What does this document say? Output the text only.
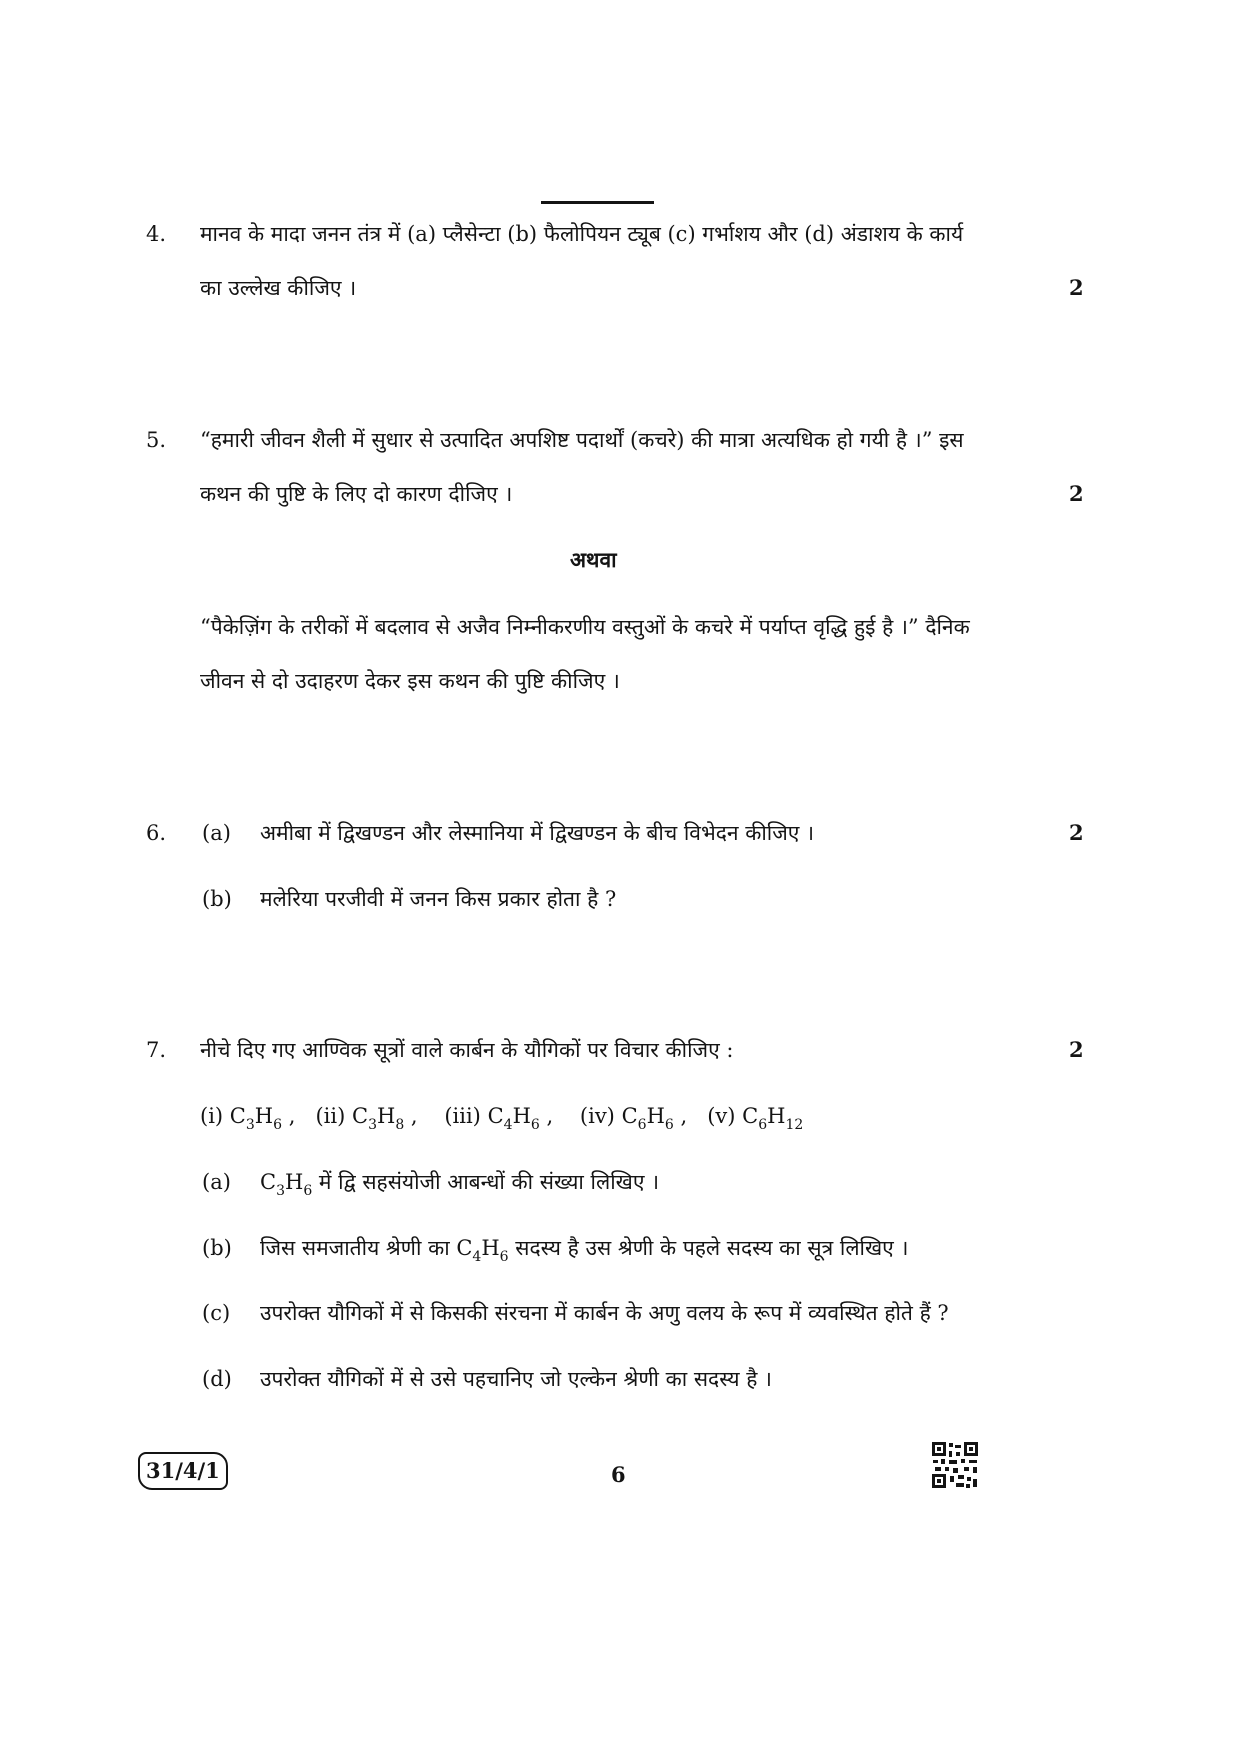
4.	मानव के मादा जनन तंत्र में (a) प्लैसेन्टा (b) फैलोपियन ट्यूब (c) गर्भाशय और (d) अंडाशय के कार्य
का उल्लेख कीजिए ।	2
5.	“हमारी जीवन शैली में सुधार से उत्पादित अपशिष्ट पदार्थों (कचरे) की मात्रा अत्यधिक हो गयी है ।” इस
कथन की पुष्टि के लिए दो कारण दीजिए ।	2
अथवा
“पैकेज़िंग के तरीकों में बदलाव से अजैव निम्नीकरणीय वस्तुओं के कचरे में पर्याप्त वृद्धि हुई है ।” दैनिक
जीवन से दो उदाहरण देकर इस कथन की पुष्टि कीजिए ।
6.	(a) अमीबा में द्विखण्डन और लेस्मानिया में द्विखण्डन के बीच विभेदन कीजिए ।	2
(b) मलेरिया परजीवी में जनन किस प्रकार होता है ?
7.	नीचे दिए गए आण्विक सूत्रों वाले कार्बन के यौगिकों पर विचार कीजिए :	2
(i) $C_3H_6$ , (ii) $C_3H_8$ , (iii) $C_4H_6$ , (iv) $C_6H_6$ , (v) $C_6H_{12}$
(a) $C_3H_6$ में द्वि सहसंयोजी आबन्धों की संख्या लिखिए ।
(b) जिस समजातीय श्रेणी का $C_4H_6$ सदस्य है उस श्रेणी के पहले सदस्य का सूत्र लिखिए ।
(c) उपरोक्त यौगिकों में से किसकी संरचना में कार्बन के अणु वलय के रूप में व्यवस्थित होते हैं ?
(d) उपरोक्त यौगिकों में से उसे पहचानिए जो एल्केन श्रेणी का सदस्य है ।
31/4/1	6
